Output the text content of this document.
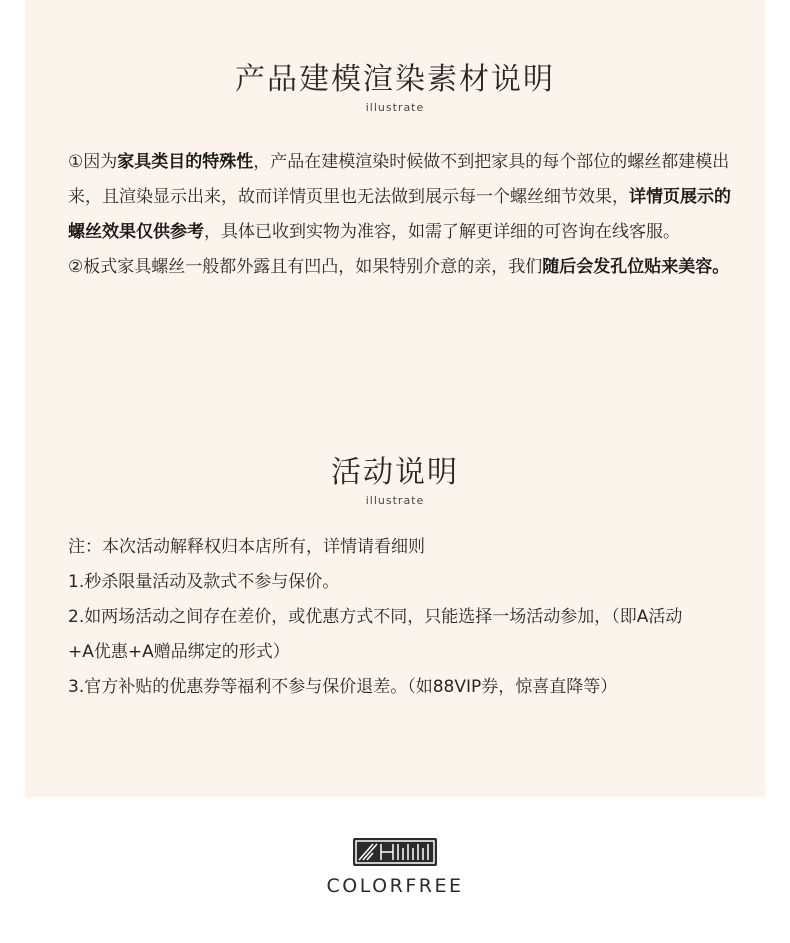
产品建模渲染素材说明
illustrate

①因为家具类目的特殊性，产品在建模渲染时候做不到把家具的每个部位的螺丝都建模出来，且渲染显示出来，故而详情页里也无法做到展示每一个螺丝细节效果，详情页展示的螺丝效果仅供参考，具体已收到实物为准容，如需了解更详细的可咨询在线客服。

②板式家具螺丝一般都外露且有凹凸，如果特别介意的亲，我们随后会发孔位贴来美容。

活动说明
illustrate

注：本次活动解释权归本店所有，详情请看细则

1.秒杀限量活动及款式不参与保价。

2.如两场活动之间存在差价，或优惠方式不同，只能选择一场活动参加，（即A活动+A优惠+A赠品绑定的形式）

3.官方补贴的优惠券等福利不参与保价退差。（如88VIP券，惊喜直降等）

COLORFREE
